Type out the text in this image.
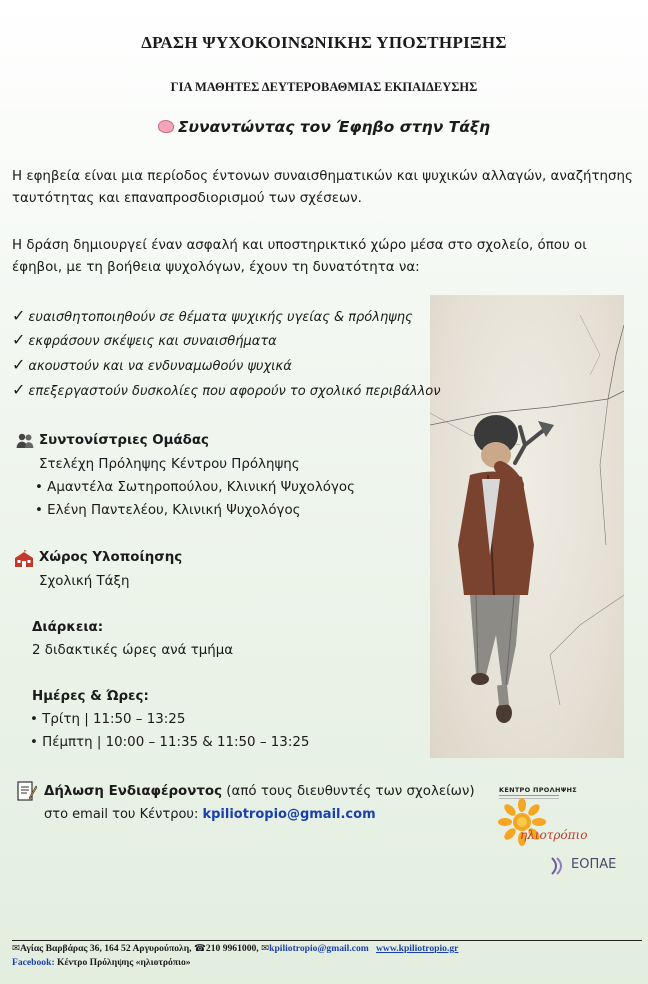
ΔΡΑΣΗ ΨΥΧΟΚΟΙΝΩΝΙΚΗΣ ΥΠΟΣΤΗΡΙΞΗΣ
ΓΙΑ ΜΑΘΗΤΕΣ ΔΕΥΤΕΡΟΒΑΘΜΙΑΣ ΕΚΠΑΙΔΕΥΣΗΣ
Συναντώντας τον Έφηβο στην Τάξη
Η εφηβεία είναι μια περίοδος έντονων συναισθηματικών και ψυχικών αλλαγών, αναζήτησης ταυτότητας και επαναπροσδιορισμού των σχέσεων.
Η δράση δημιουργεί έναν ασφαλή και υποστηρικτικό χώρο μέσα στο σχολείο, όπου οι έφηβοι, με τη βοήθεια ψυχολόγων, έχουν τη δυνατότητα να:
✓ ευαισθητοποιηθούν σε θέματα ψυχικής υγείας & πρόληψης
✓ εκφράσουν σκέψεις και συναισθήματα
✓ ακουστούν και να ενδυναμωθούν ψυχικά
✓ επεξεργαστούν δυσκολίες που αφορούν το σχολικό περιβάλλον
Συντονίστριες Ομάδας
Στελέχη Πρόληψης Κέντρου Πρόληψης
• Αμαντέλα Σωτηροπούλου, Κλινική Ψυχολόγος
• Ελένη Παντελέου, Κλινική Ψυχολόγος
Χώρος Υλοποίησης
Σχολική Τάξη
Διάρκεια:
2 διδακτικές ώρες ανά τμήμα
Ημέρες & Ώρες:
• Τρίτη | 11:50 – 13:25
• Πέμπτη | 10:00 – 11:35 & 11:50 – 13:25
Δήλωση Ενδιαφέροντος (από τους διευθυντές των σχολείων)
στο email του Κέντρου: kpiliotropio@gmail.com
ΚΕΝΤΡΟ ΠΡΟΛΗΨΗΣ
ηλιοτρόπιο
ΕΟΠΑΕ
✉Αγίας Βαρβάρας 36, 164 52 Αργυρούπολη, ☎210 9961000, ✉kpiliotropio@gmail.com www.kpiliotropio.gr
Facebook: Κέντρο Πρόληψης «ηλιοτρόπιο»
